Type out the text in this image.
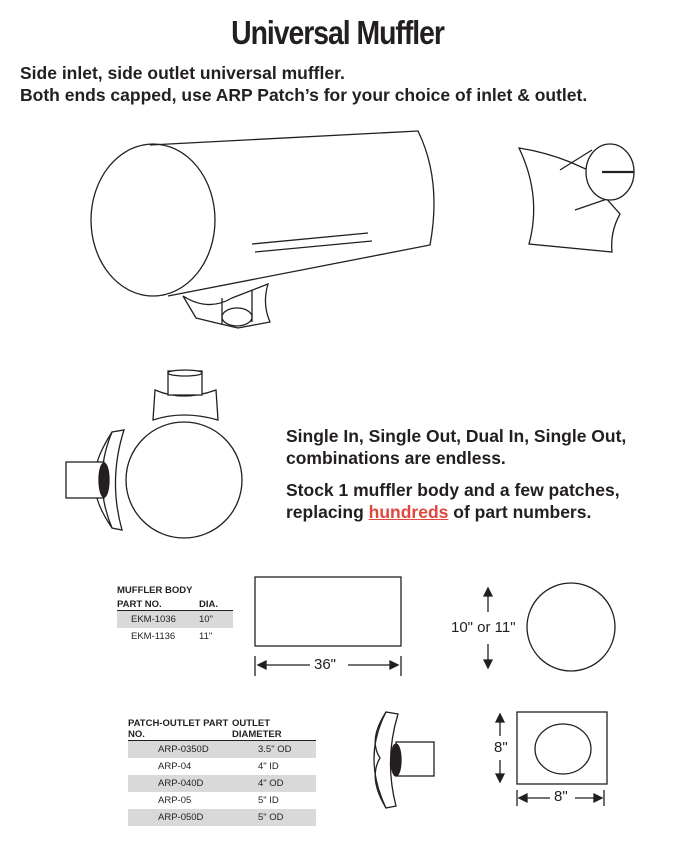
Universal Muffler
Side inlet, side outlet universal muffler.
Both ends capped, use ARP Patch’s for your choice of inlet & outlet.

Single In, Single Out, Dual In, Single Out, combinations are endless.

Stock 1 muffler body and a few patches, replacing hundreds of part numbers.

MUFFLER BODY	
PART NO.	DIA.
EKM-1036	10"
EKM-1136	11"
PATCH-OUTLET PART NO.	OUTLET DIAMETER
ARP-0350D	3.5" OD
ARP-04	4" ID
ARP-040D	4" OD
ARP-05	5" ID
ARP-050D	5" OD
36"
10" or 11"
8"
8"
